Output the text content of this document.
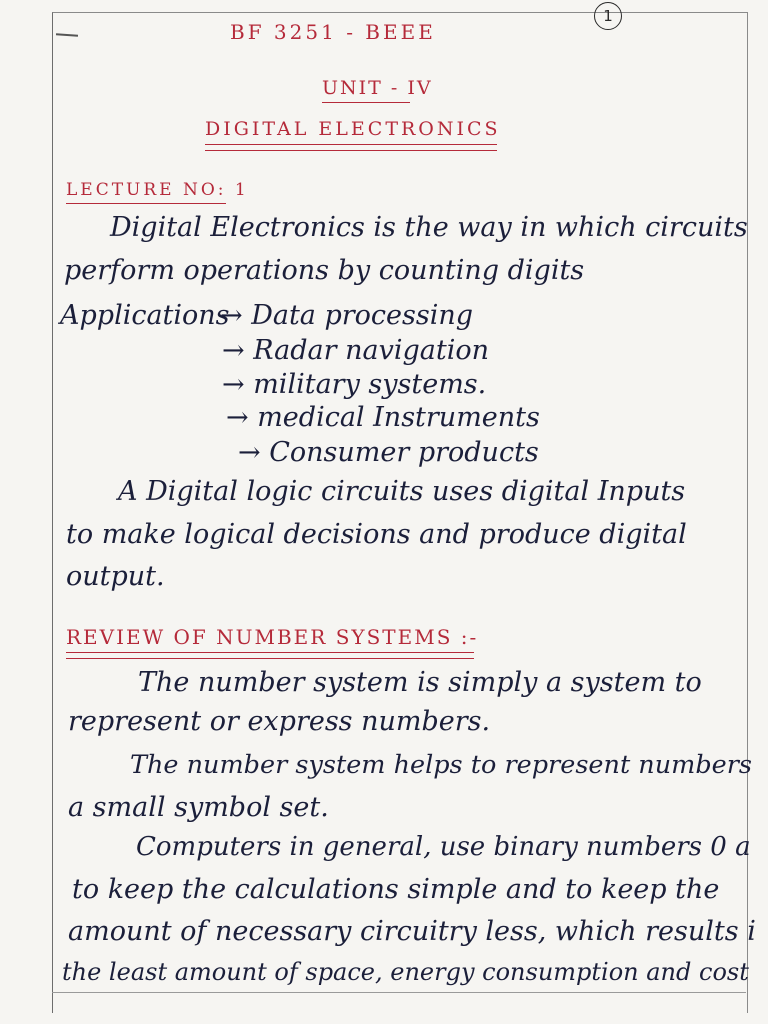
1
BF 3251 - BEEE
UNIT - IV
DIGITAL ELECTRONICS
LECTURE NO: 1
Digital Electronics is the way in which circuits
perform operations by counting digits
Applications
→ Data processing
→ Radar navigation
→ military systems.
→ medical Instruments
→ Consumer products
A Digital logic circuits uses digital Inputs
to make logical decisions and produce digital
output.
REVIEW OF NUMBER SYSTEMS :-
The number system is simply a system to
represent or express numbers.
The number system helps to represent numbers
a small symbol set.
Computers in general, use binary numbers 0 a
to keep the calculations simple and to keep the
amount of necessary circuitry less, which results i
the least amount of space, energy consumption and cost
